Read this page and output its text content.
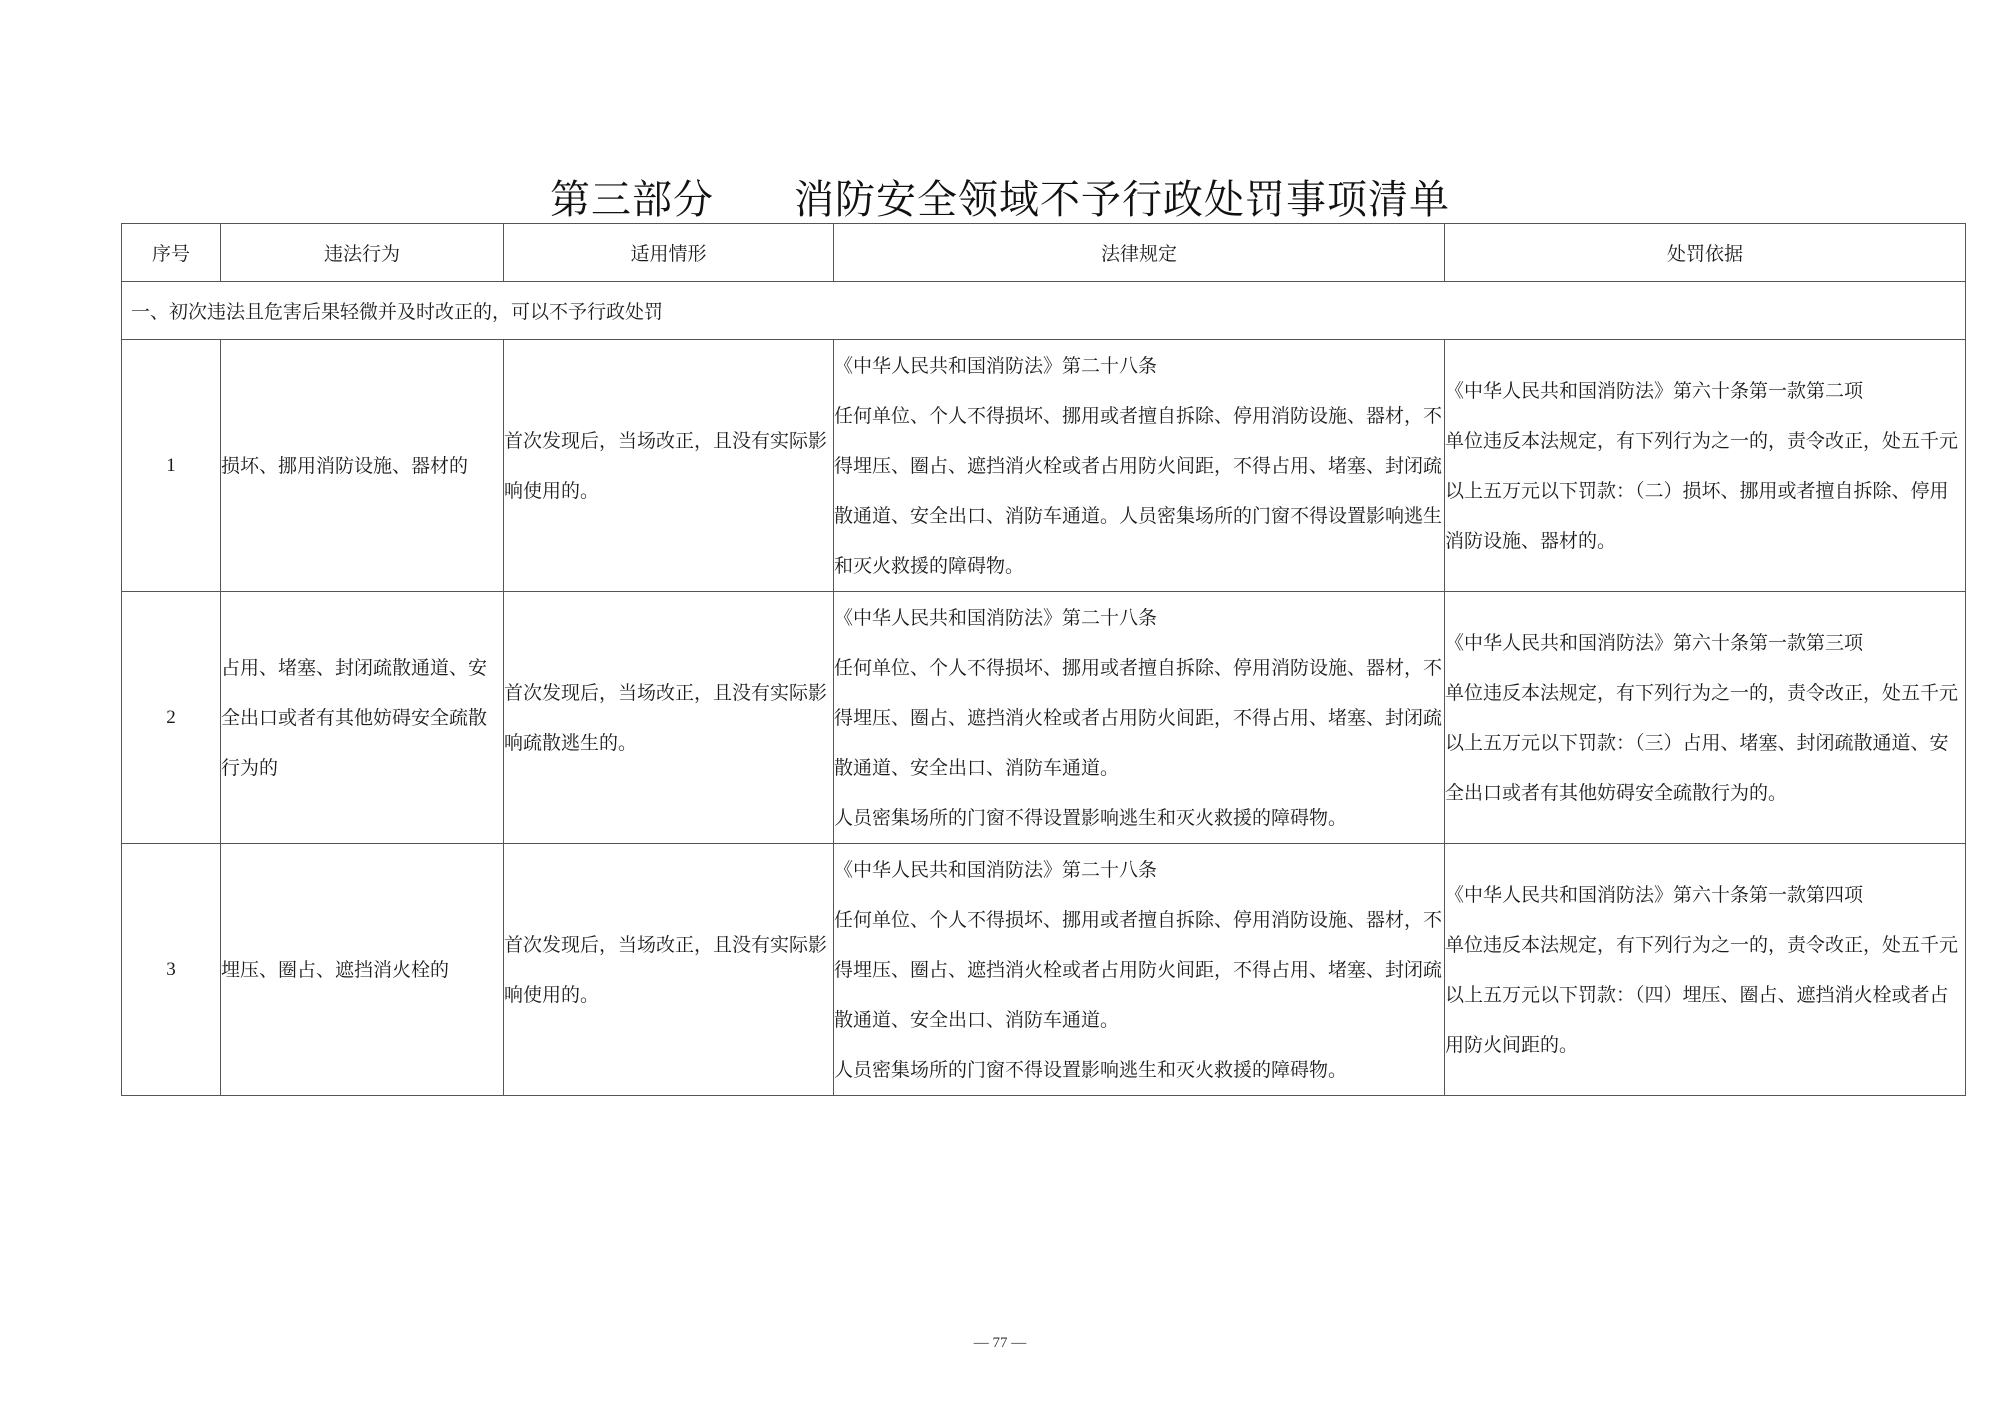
第三部分 消防安全领域不予行政处罚事项清单
序号	违法行为	适用情形	法律规定	处罚依据
一、初次违法且危害后果轻微并及时改正的，可以不予行政处罚				
1	损坏、挪用消防设施、器材的	首次发现后，当场改正，且没有实际影响使用的。	《中华人民共和国消防法》第二十八条
任何单位、个人不得损坏、挪用或者擅自拆除、停用消防设施、器材，不得埋压、圈占、遮挡消火栓或者占用防火间距，不得占用、堵塞、封闭疏散通道、安全出口、消防车通道。人员密集场所的门窗不得设置影响逃生和灭火救援的障碍物。	《中华人民共和国消防法》第六十条第一款第二项
单位违反本法规定，有下列行为之一的，责令改正，处五千元以上五万元以下罚款：（二）损坏、挪用或者擅自拆除、停用消防设施、器材的。

2	占用、堵塞、封闭疏散通道、安全出口或者有其他妨碍安全疏散行为的	首次发现后，当场改正，且没有实际影响疏散逃生的。	《中华人民共和国消防法》第二十八条
任何单位、个人不得损坏、挪用或者擅自拆除、停用消防设施、器材，不得埋压、圈占、遮挡消火栓或者占用防火间距，不得占用、堵塞、封闭疏散通道、安全出口、消防车通道。
人员密集场所的门窗不得设置影响逃生和灭火救援的障碍物。	《中华人民共和国消防法》第六十条第一款第三项
单位违反本法规定，有下列行为之一的，责令改正，处五千元以上五万元以下罚款：（三）占用、堵塞、封闭疏散通道、安全出口或者有其他妨碍安全疏散行为的。

3	埋压、圈占、遮挡消火栓的	首次发现后，当场改正，且没有实际影响使用的。	《中华人民共和国消防法》第二十八条
任何单位、个人不得损坏、挪用或者擅自拆除、停用消防设施、器材，不得埋压、圈占、遮挡消火栓或者占用防火间距，不得占用、堵塞、封闭疏散通道、安全出口、消防车通道。
人员密集场所的门窗不得设置影响逃生和灭火救援的障碍物。	《中华人民共和国消防法》第六十条第一款第四项
单位违反本法规定，有下列行为之一的，责令改正，处五千元以上五万元以下罚款：（四）埋压、圈占、遮挡消火栓或者占用防火间距的。
— 77 —
